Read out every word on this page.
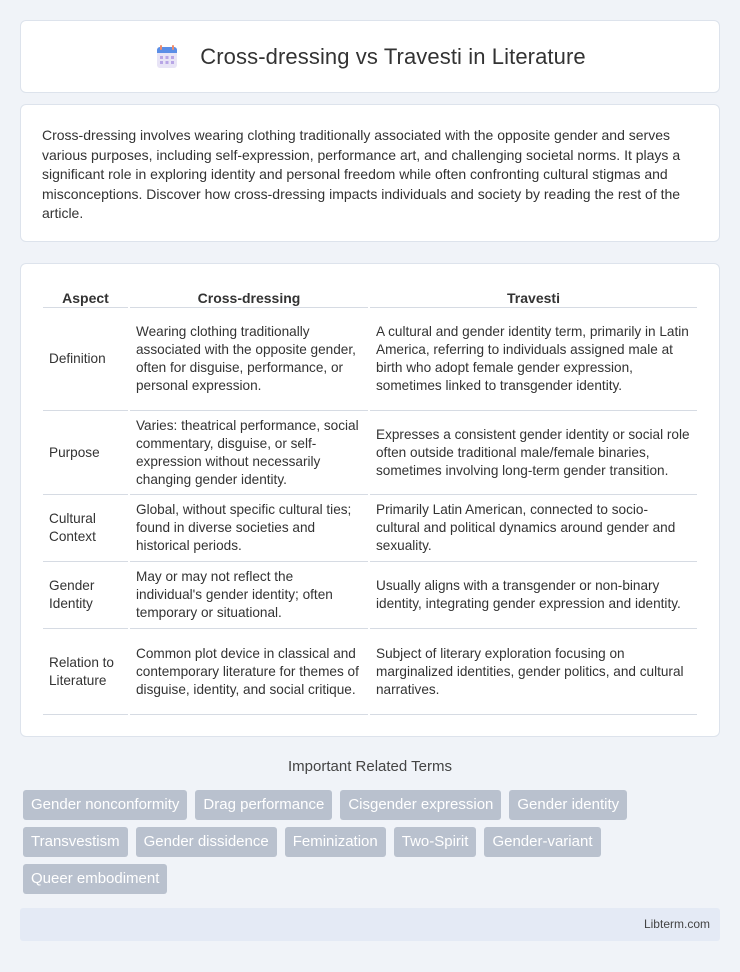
Cross-dressing vs Travesti in Literature

Cross-dressing involves wearing clothing traditionally associated with the opposite gender and serves various purposes, including self-expression, performance art, and challenging societal norms. It plays a significant role in exploring identity and personal freedom while often confronting cultural stigmas and misconceptions. Discover how cross-dressing impacts individuals and society by reading the rest of the article.

Aspect	Cross-dressing	Travesti
Definition	Wearing clothing traditionally associated with the opposite gender, often for disguise, performance, or personal expression.	A cultural and gender identity term, primarily in Latin America, referring to individuals assigned male at birth who adopt female gender expression, sometimes linked to transgender identity.
Purpose	Varies: theatrical performance, social commentary, disguise, or self-expression without necessarily changing gender identity.	Expresses a consistent gender identity or social role often outside traditional male/female binaries, sometimes involving long-term gender transition.
Cultural Context	Global, without specific cultural ties; found in diverse societies and historical periods.	Primarily Latin American, connected to socio-cultural and political dynamics around gender and sexuality.
Gender Identity	May or may not reflect the individual's gender identity; often temporary or situational.	Usually aligns with a transgender or non-binary identity, integrating gender expression and identity.
Relation to Literature	Common plot device in classical and contemporary literature for themes of disguise, identity, and social critique.	Subject of literary exploration focusing on marginalized identities, gender politics, and cultural narratives.
Important Related Terms
Gender nonconformity	Drag performance	Cisgender expression	Gender identity
Transvestism	Gender dissidence	Feminization	Two-Spirit	Gender-variant
Queer embodiment
Libterm.com
